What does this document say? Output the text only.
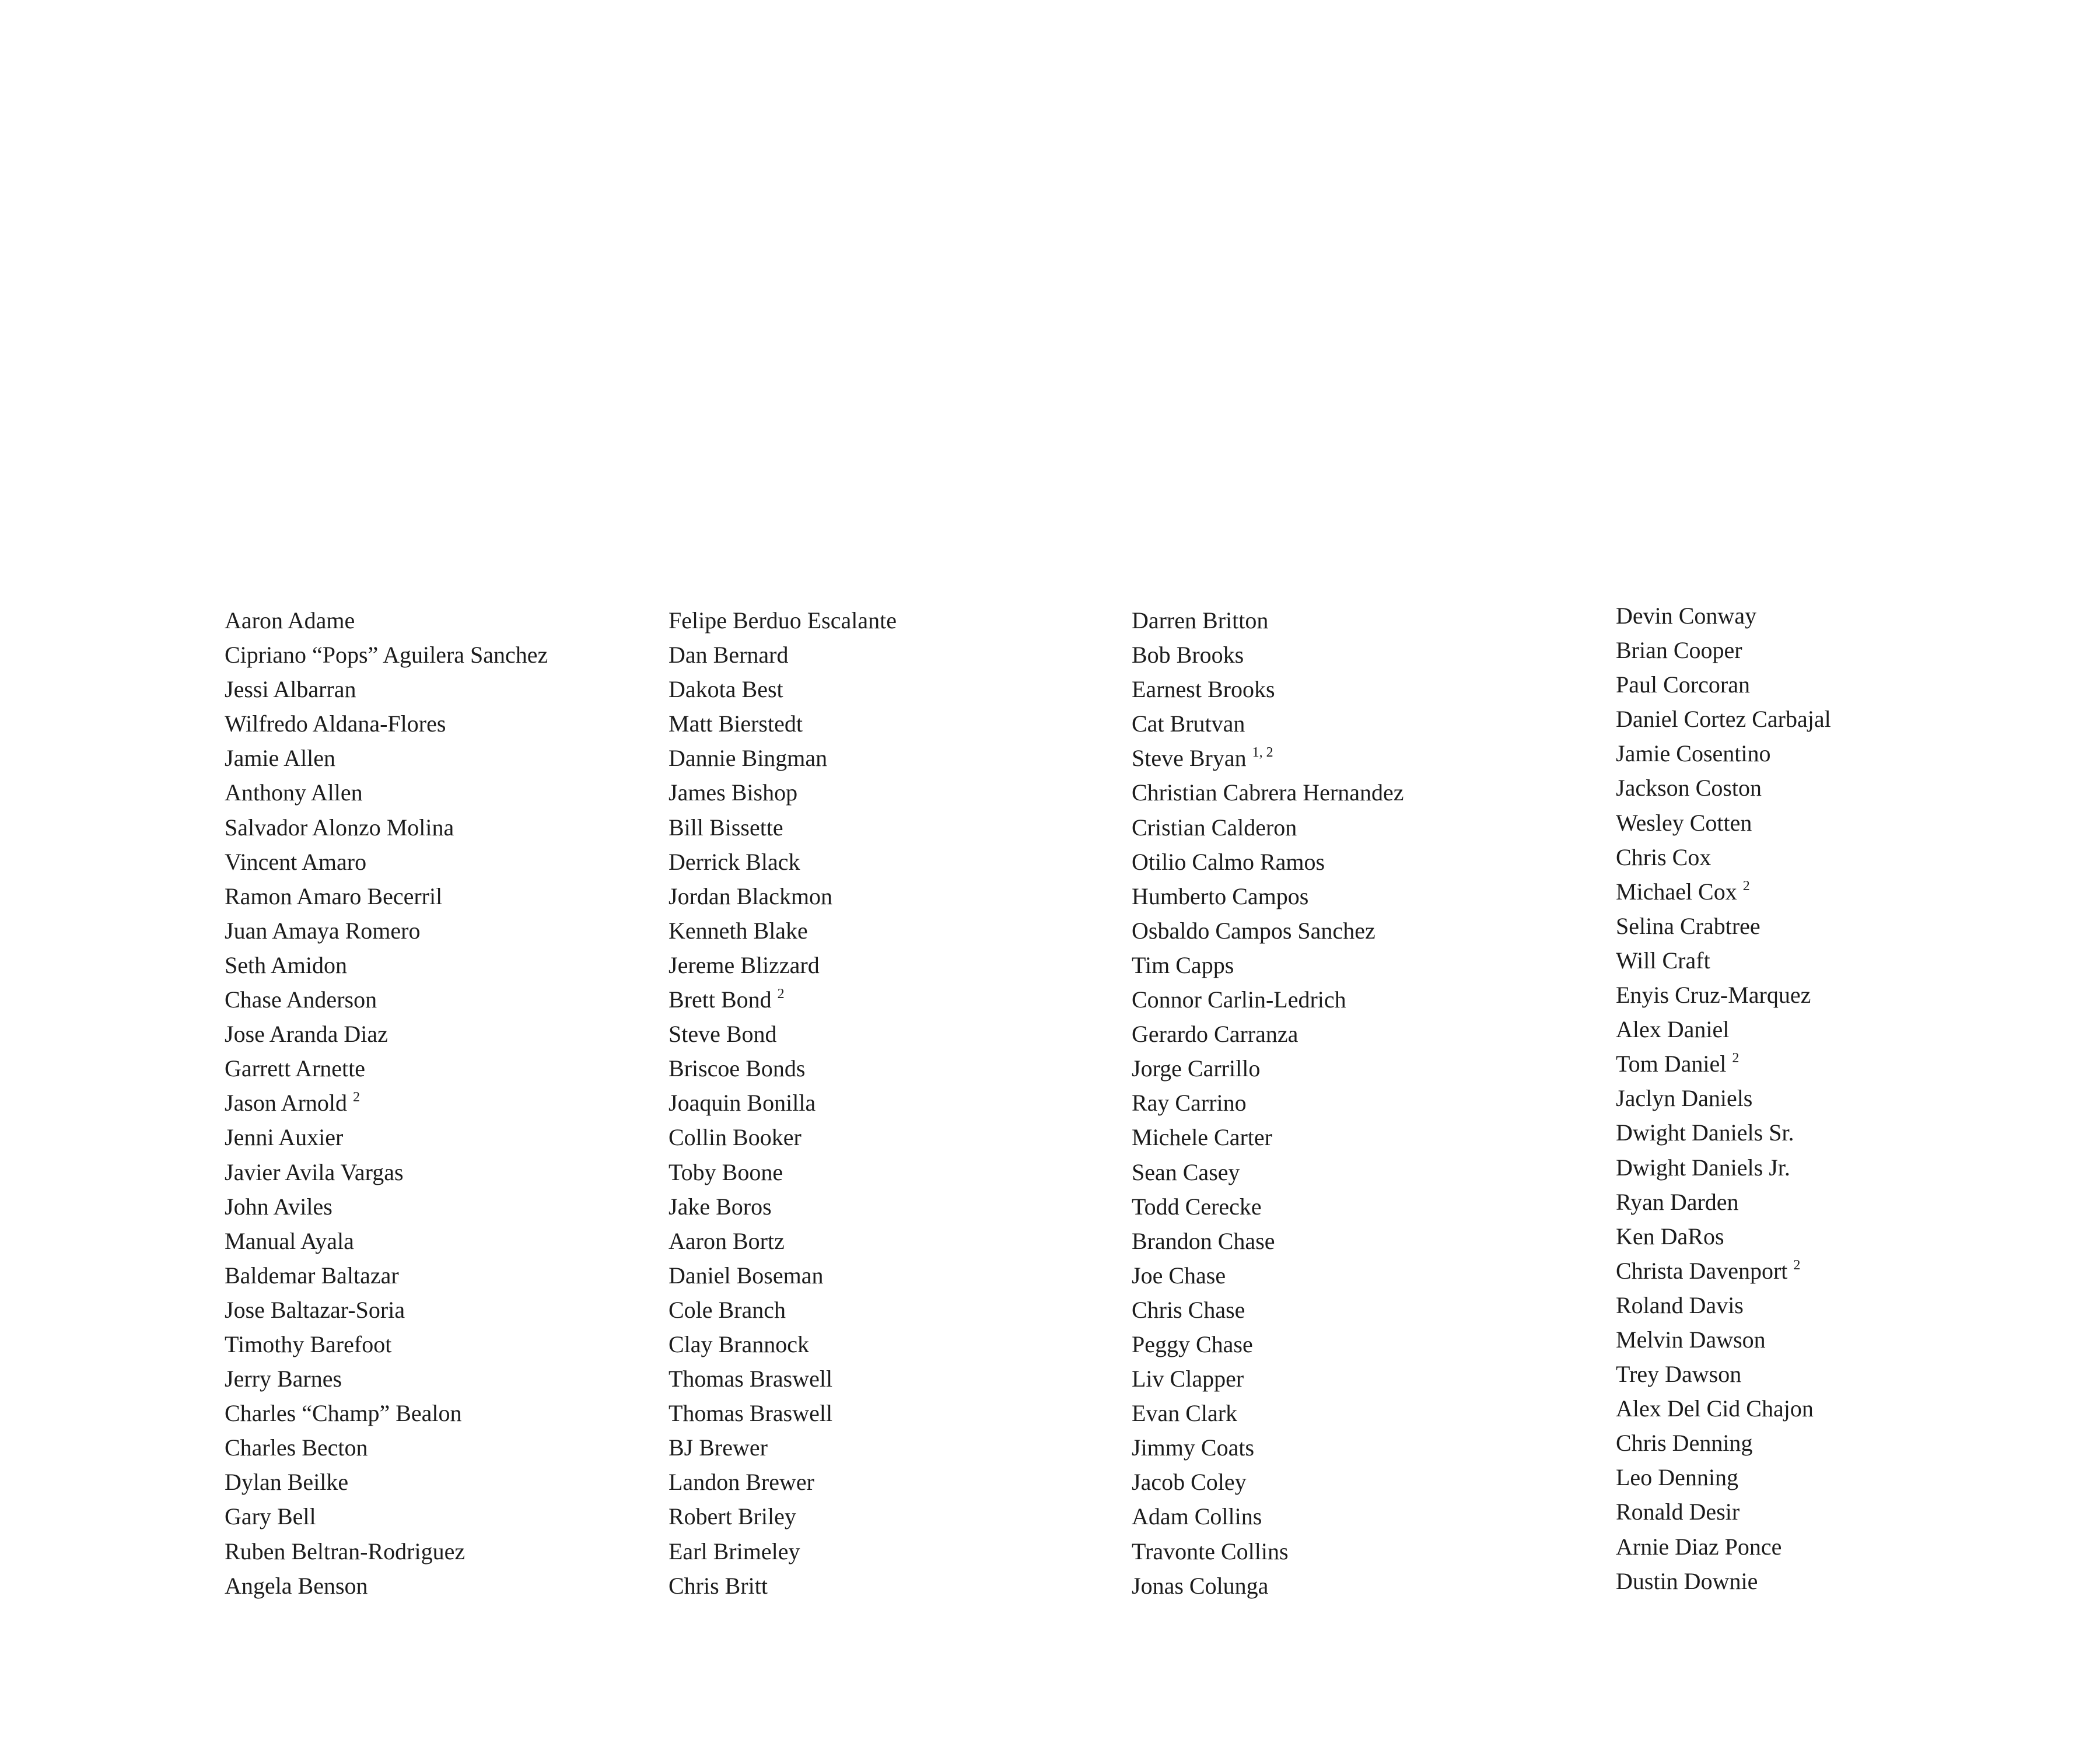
Aaron Adame
Cipriano “Pops” Aguilera Sanchez
Jessi Albarran
Wilfredo Aldana-Flores
Jamie Allen
Anthony Allen
Salvador Alonzo Molina
Vincent Amaro
Ramon Amaro Becerril
Juan Amaya Romero
Seth Amidon
Chase Anderson
Jose Aranda Diaz
Garrett Arnette
Jason Arnold $^2$
Jenni Auxier
Javier Avila Vargas
John Aviles
Manual Ayala
Baldemar Baltazar
Jose Baltazar-Soria
Timothy Barefoot
Jerry Barnes
Charles “Champ” Bealon
Charles Becton
Dylan Beilke
Gary Bell
Ruben Beltran-Rodriguez
Angela Benson
Felipe Berduo Escalante
Dan Bernard
Dakota Best
Matt Bierstedt
Dannie Bingman
James Bishop
Bill Bissette
Derrick Black
Jordan Blackmon
Kenneth Blake
Jereme Blizzard
Brett Bond $^2$
Steve Bond
Briscoe Bonds
Joaquin Bonilla
Collin Booker
Toby Boone
Jake Boros
Aaron Bortz
Daniel Boseman
Cole Branch
Clay Brannock
Thomas Braswell
Thomas Braswell
BJ Brewer
Landon Brewer
Robert Briley
Earl Brimeley
Chris Britt
Darren Britton
Bob Brooks
Earnest Brooks
Cat Brutvan
Steve Bryan $^{1, 2}$
Christian Cabrera Hernandez
Cristian Calderon
Otilio Calmo Ramos
Humberto Campos
Osbaldo Campos Sanchez
Tim Capps
Connor Carlin-Ledrich
Gerardo Carranza
Jorge Carrillo
Ray Carrino
Michele Carter
Sean Casey
Todd Cerecke
Brandon Chase
Joe Chase
Chris Chase
Peggy Chase
Liv Clapper
Evan Clark
Jimmy Coats
Jacob Coley
Adam Collins
Travonte Collins
Jonas Colunga
Devin Conway
Brian Cooper
Paul Corcoran
Daniel Cortez Carbajal
Jamie Cosentino
Jackson Coston
Wesley Cotten
Chris Cox
Michael Cox $^2$
Selina Crabtree
Will Craft
Enyis Cruz-Marquez
Alex Daniel
Tom Daniel $^2$
Jaclyn Daniels
Dwight Daniels Sr.
Dwight Daniels Jr.
Ryan Darden
Ken DaRos
Christa Davenport $^2$
Roland Davis
Melvin Dawson
Trey Dawson
Alex Del Cid Chajon
Chris Denning
Leo Denning
Ronald Desir
Arnie Diaz Ponce
Dustin Downie
